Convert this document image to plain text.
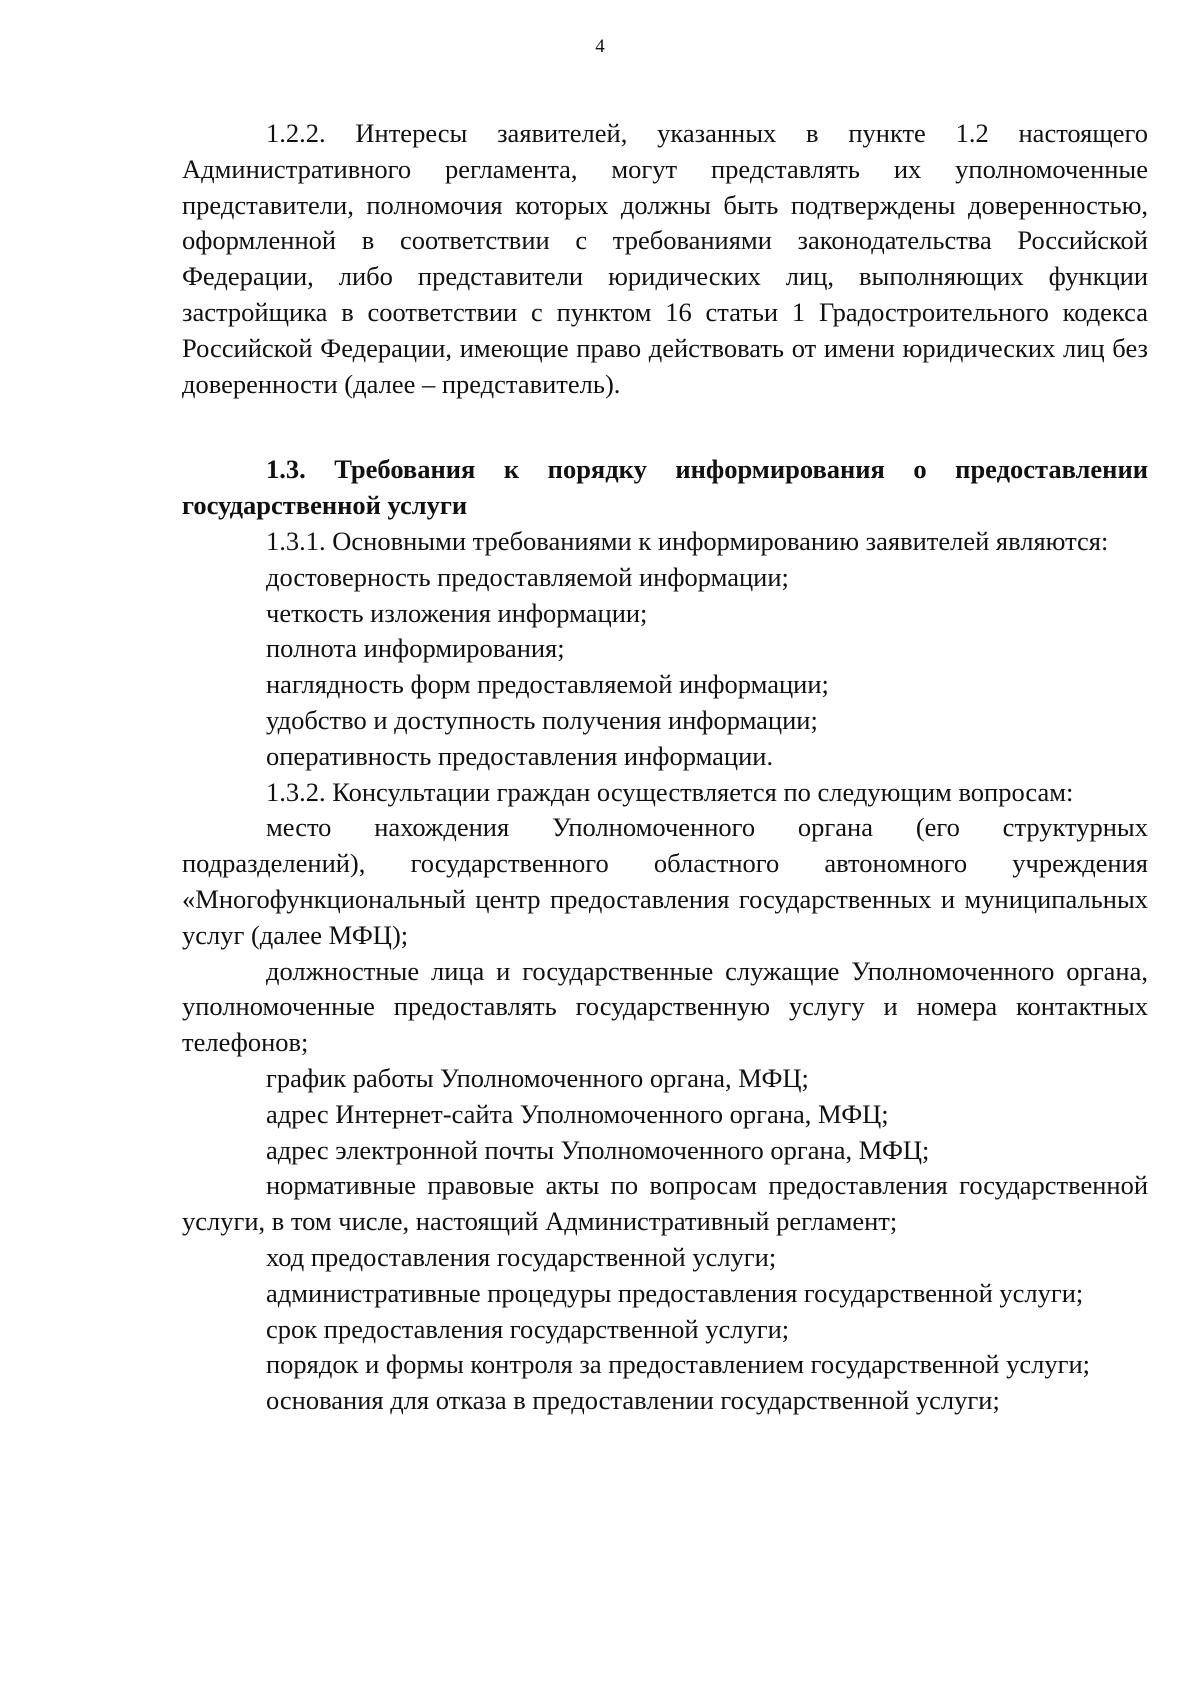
4

1.2.2. Интересы заявителей, указанных в пункте 1.2 настоящего Административного регламента, могут представлять их уполномоченные представители, полномочия которых должны быть подтверждены доверенностью, оформленной в соответствии с требованиями законодательства Российской Федерации, либо представители юридических лиц, выполняющих функции застройщика в соответствии с пунктом 16 статьи 1 Градостроительного кодекса Российской Федерации, имеющие право действовать от имени юридических лиц без доверенности (далее – представитель).

1.3. Требования к порядку информирования о предоставлении государственной услуги

1.3.1. Основными требованиями к информированию заявителей являются:

достоверность предоставляемой информации;

четкость изложения информации;

полнота информирования;

наглядность форм предоставляемой информации;

удобство и доступность получения информации;

оперативность предоставления информации.

1.3.2. Консультации граждан осуществляется по следующим вопросам:

место нахождения Уполномоченного органа (его структурных подразделений), государственного областного автономного учреждения «Многофункциональный центр предоставления государственных и муниципальных услуг (далее МФЦ);

должностные лица и государственные служащие Уполномоченного органа, уполномоченные предоставлять государственную услугу и номера контактных телефонов;

график работы Уполномоченного органа, МФЦ;

адрес Интернет-сайта Уполномоченного органа, МФЦ;

адрес электронной почты Уполномоченного органа, МФЦ;

нормативные правовые акты по вопросам предоставления государственной услуги, в том числе, настоящий Административный регламент;

ход предоставления государственной услуги;

административные процедуры предоставления государственной услуги;

срок предоставления государственной услуги;

порядок и формы контроля за предоставлением государственной услуги;

основания для отказа в предоставлении государственной услуги;
